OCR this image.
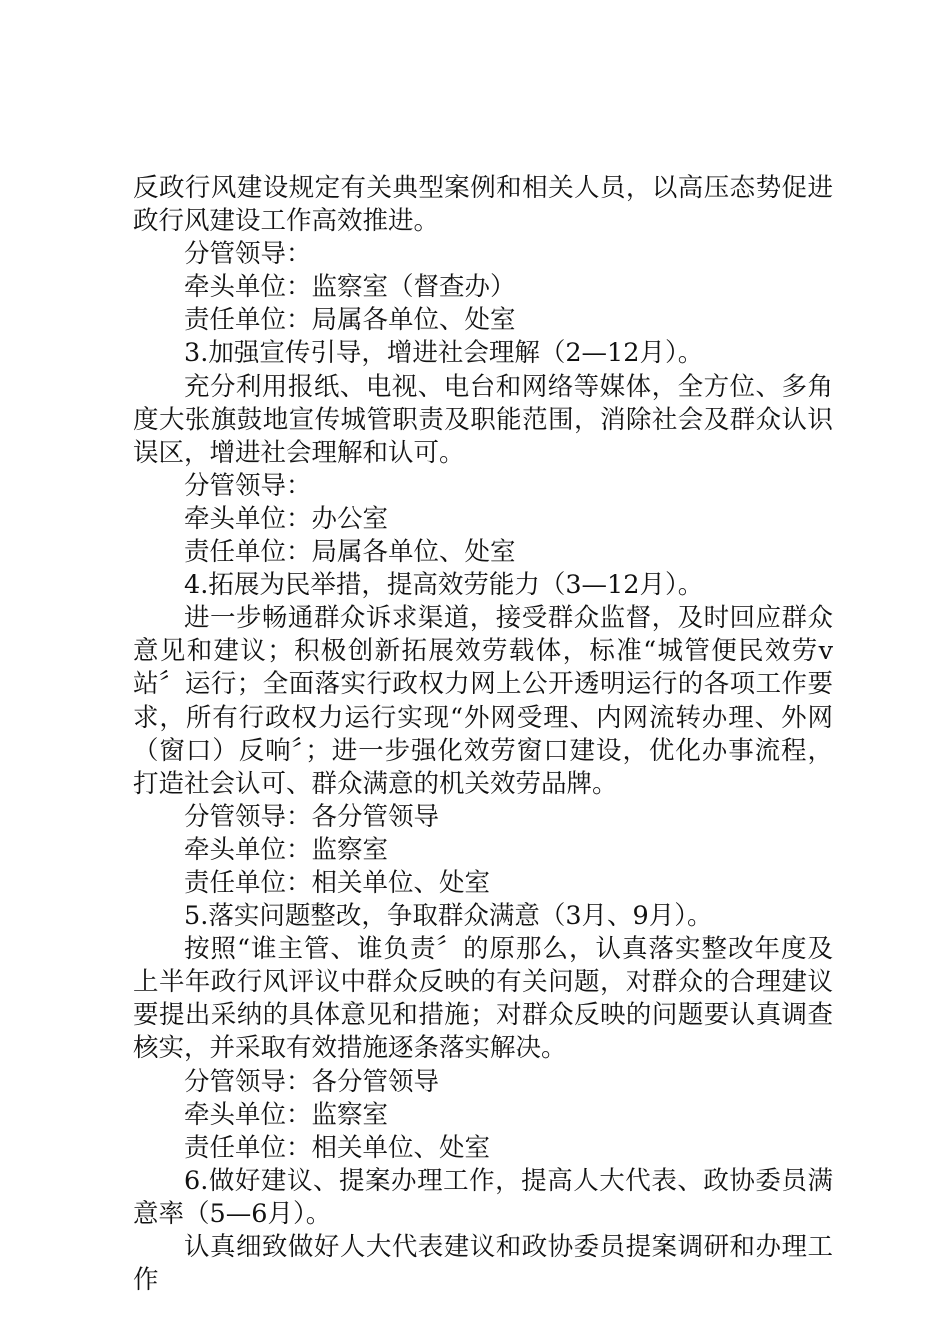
反政行风建设规定有关典型案例和相关人员，以高压态势促进政行风建设工作高效推进。

分管领导：

牵头单位：监察室（督查办）

责任单位：局属各单位、处室

3.加强宣传引导，增进社会理解（2—12月）。

充分利用报纸、电视、电台和网络等媒体，全方位、多角度大张旗鼓地宣传城管职责及职能范围，消除社会及群众认识误区，增进社会理解和认可。

分管领导：

牵头单位：办公室

责任单位：局属各单位、处室

4.拓展为民举措，提高效劳能力（3—12月）。

进一步畅通群众诉求渠道，接受群众监督，及时回应群众意见和建议；积极创新拓展效劳载体，标准“城管便民效劳v站〞运行；全面落实行政权力网上公开透明运行的各项工作要求，所有行政权力运行实现“外网受理、内网流转办理、外网（窗口）反响〞；进一步强化效劳窗口建设，优化办事流程，打造社会认可、群众满意的机关效劳品牌。

分管领导：各分管领导

牵头单位：监察室

责任单位：相关单位、处室

5.落实问题整改，争取群众满意（3月、9月）。

按照“谁主管、谁负责〞的原那么，认真落实整改年度及上半年政行风评议中群众反映的有关问题，对群众的合理建议要提出采纳的具体意见和措施；对群众反映的问题要认真调查核实，并采取有效措施逐条落实解决。

分管领导：各分管领导

牵头单位：监察室

责任单位：相关单位、处室

6.做好建议、提案办理工作，提高人大代表、政协委员满意率（5—6月）。

认真细致做好人大代表建议和政协委员提案调研和办理工作
